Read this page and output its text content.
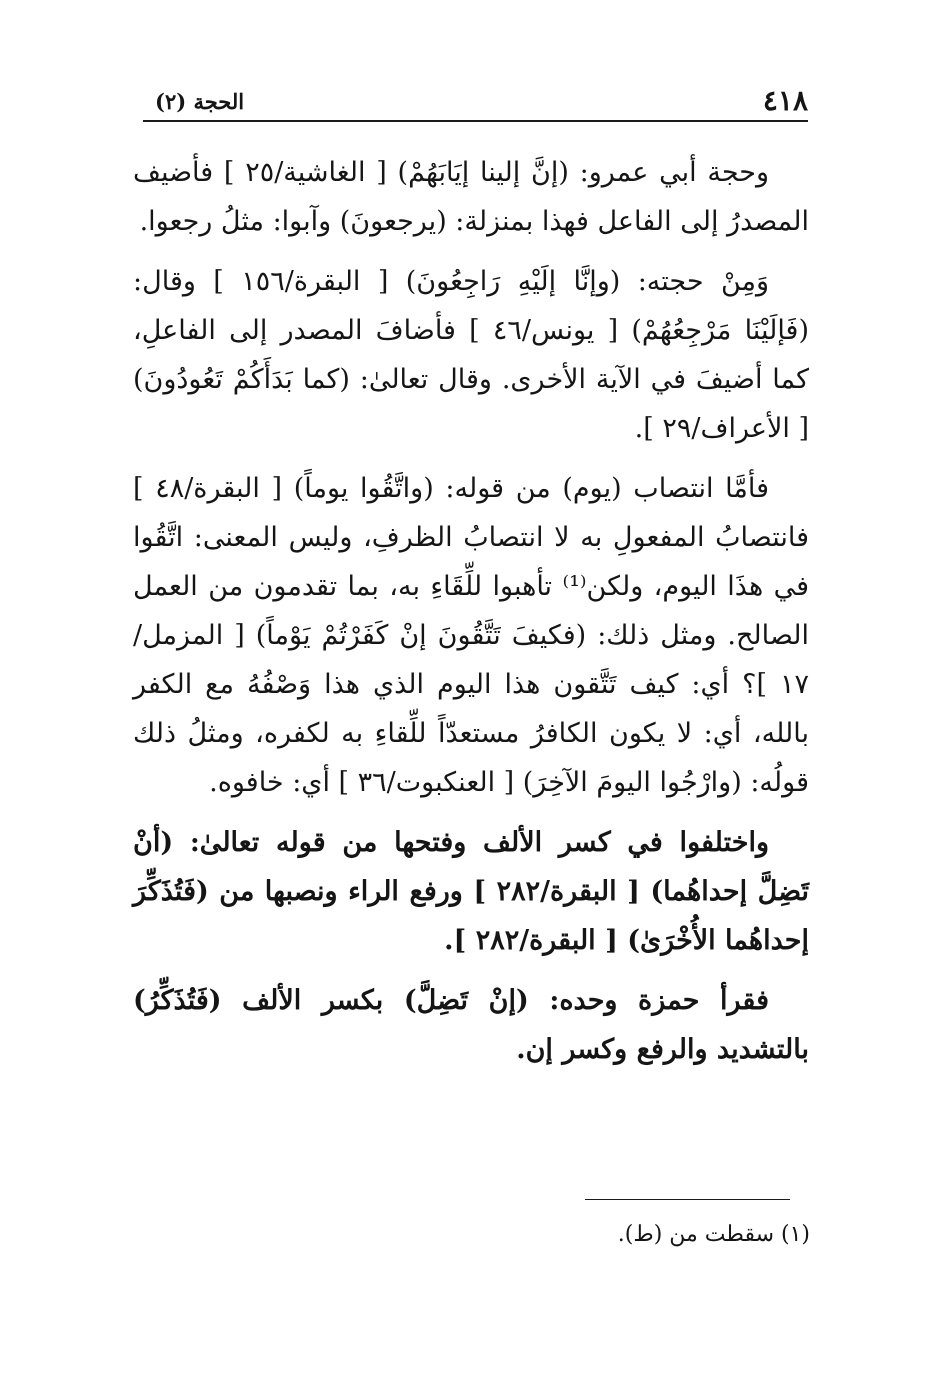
٤١٨
الحجة (٢)

وحجة أبي عمرو: (إنَّ إلينا إيَابَهُمْ) [ الغاشية/٢٥ ] فأضيف المصدرُ إلى الفاعل فهذا بمنزلة: (يرجعونَ) وآبوا: مثلُ رجعوا.

وَمِنْ حجته: (وإنَّا إلَيْهِ رَاجِعُونَ) [ البقرة/١٥٦ ] وقال: (فَإلَيْنَا مَرْجِعُهُمْ) [ يونس/٤٦ ] فأضافَ المصدر إلى الفاعلِ، كما أضيفَ في الآية الأخرى. وقال تعالىٰ: (كما بَدَأَكُمْ تَعُودُونَ) [ الأعراف/٢٩ ].

فأمَّا انتصاب (يوم) من قوله: (واتَّقُوا يوماً) [ البقرة/٤٨ ] فانتصابُ المفعولِ به لا انتصابُ الظرفِ، وليس المعنى: اتَّقُوا في هذَا اليوم، ولكن⁽¹⁾ تأهبوا للِّقَاءِ به، بما تقدمون من العمل الصالح. ومثل ذلك: (فكيفَ تَتَّقُونَ إنْ كَفَرْتُمْ يَوْماً) [ المزمل/١٧ ]؟ أي: كيف تَتَّقون هذا اليوم الذي هذا وَصْفُهُ مع الكفر بالله، أي: لا يكون الكافرُ مستعدّاً للِّقاءِ به لكفره، ومثلُ ذلك قولُه: (وارْجُوا اليومَ الآخِرَ) [ العنكبوت/٣٦ ] أي: خافوه.

واختلفوا في كسر الألف وفتحها من قوله تعالىٰ: (أنْ تَضِلَّ إحداهُما) [ البقرة/٢٨٢ ] ورفع الراء ونصبها من (فَتُذَكِّرَ إحداهُما الأُخْرَىٰ) [ البقرة/٢٨٢ ].

فقرأ حمزة وحده: (إنْ تَضِلَّ) بكسر الألف (فَتُذَكِّرُ) بالتشديد والرفع وكسر إن.

(١) سقطت من (ط).
